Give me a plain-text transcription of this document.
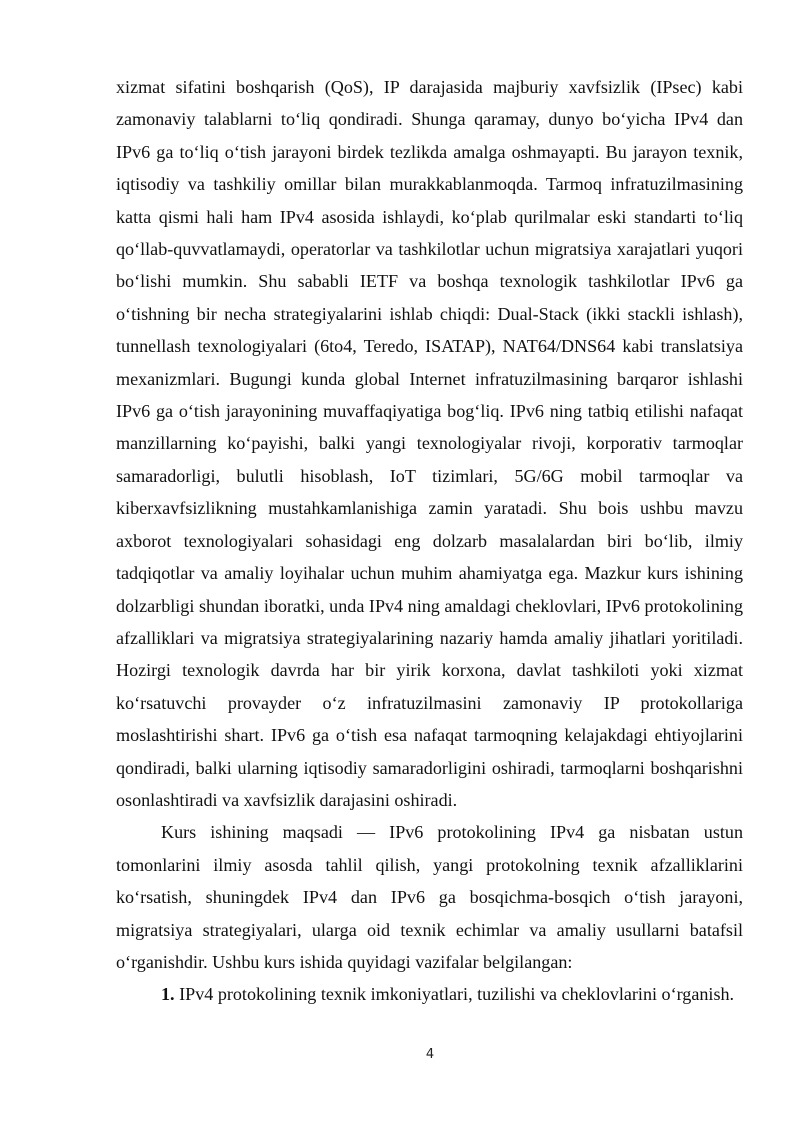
xizmat sifatini boshqarish (QoS), IP darajasida majburiy xavfsizlik (IPsec) kabi zamonaviy talablarni to‘liq qondiradi. Shunga qaramay, dunyo bo‘yicha IPv4 dan IPv6 ga to‘liq o‘tish jarayoni birdek tezlikda amalga oshmayapti. Bu jarayon texnik, iqtisodiy va tashkiliy omillar bilan murakkablanmoqda. Tarmoq infratuzilmasining katta qismi hali ham IPv4 asosida ishlaydi, ko‘plab qurilmalar eski standarti to‘liq qo‘llab-quvvatlamaydi, operatorlar va tashkilotlar uchun migratsiya xarajatlari yuqori bo‘lishi mumkin. Shu sababli IETF va boshqa texnologik tashkilotlar IPv6 ga o‘tishning bir necha strategiyalarini ishlab chiqdi: Dual-Stack (ikki stackli ishlash), tunnellash texnologiyalari (6to4, Teredo, ISATAP), NAT64/DNS64 kabi translatsiya mexanizmlari. Bugungi kunda global Internet infratuzilmasining barqaror ishlashi IPv6 ga o‘tish jarayonining muvaffaqiyatiga bog‘liq. IPv6 ning tatbiq etilishi nafaqat manzillarning ko‘payishi, balki yangi texnologiyalar rivoji, korporativ tarmoqlar samaradorligi, bulutli hisoblash, IoT tizimlari, 5G/6G mobil tarmoqlar va kiberxavfsizlikning mustahkamlanishiga zamin yaratadi. Shu bois ushbu mavzu axborot texnologiyalari sohasidagi eng dolzarb masalalardan biri bo‘lib, ilmiy tadqiqotlar va amaliy loyihalar uchun muhim ahamiyatga ega. Mazkur kurs ishining dolzarbligi shundan iboratki, unda IPv4 ning amaldagi cheklovlari, IPv6 protokolining afzalliklari va migratsiya strategiyalarining nazariy hamda amaliy jihatlari yoritiladi. Hozirgi texnologik davrda har bir yirik korxona, davlat tashkiloti yoki xizmat ko‘rsatuvchi provayder o‘z infratuzilmasini zamonaviy IP protokollariga moslashtirishi shart. IPv6 ga o‘tish esa nafaqat tarmoqning kelajakdagi ehtiyojlarini qondiradi, balki ularning iqtisodiy samaradorligini oshiradi, tarmoqlarni boshqarishni osonlashtiradi va xavfsizlik darajasini oshiradi.

Kurs ishining maqsadi — IPv6 protokolining IPv4 ga nisbatan ustun tomonlarini ilmiy asosda tahlil qilish, yangi protokolning texnik afzalliklarini ko‘rsatish, shuningdek IPv4 dan IPv6 ga bosqichma-bosqich o‘tish jarayoni, migratsiya strategiyalari, ularga oid texnik echimlar va amaliy usullarni batafsil o‘rganishdir. Ushbu kurs ishida quyidagi vazifalar belgilangan:

1. IPv4 protokolining texnik imkoniyatlari, tuzilishi va cheklovlarini o‘rganish.

4
